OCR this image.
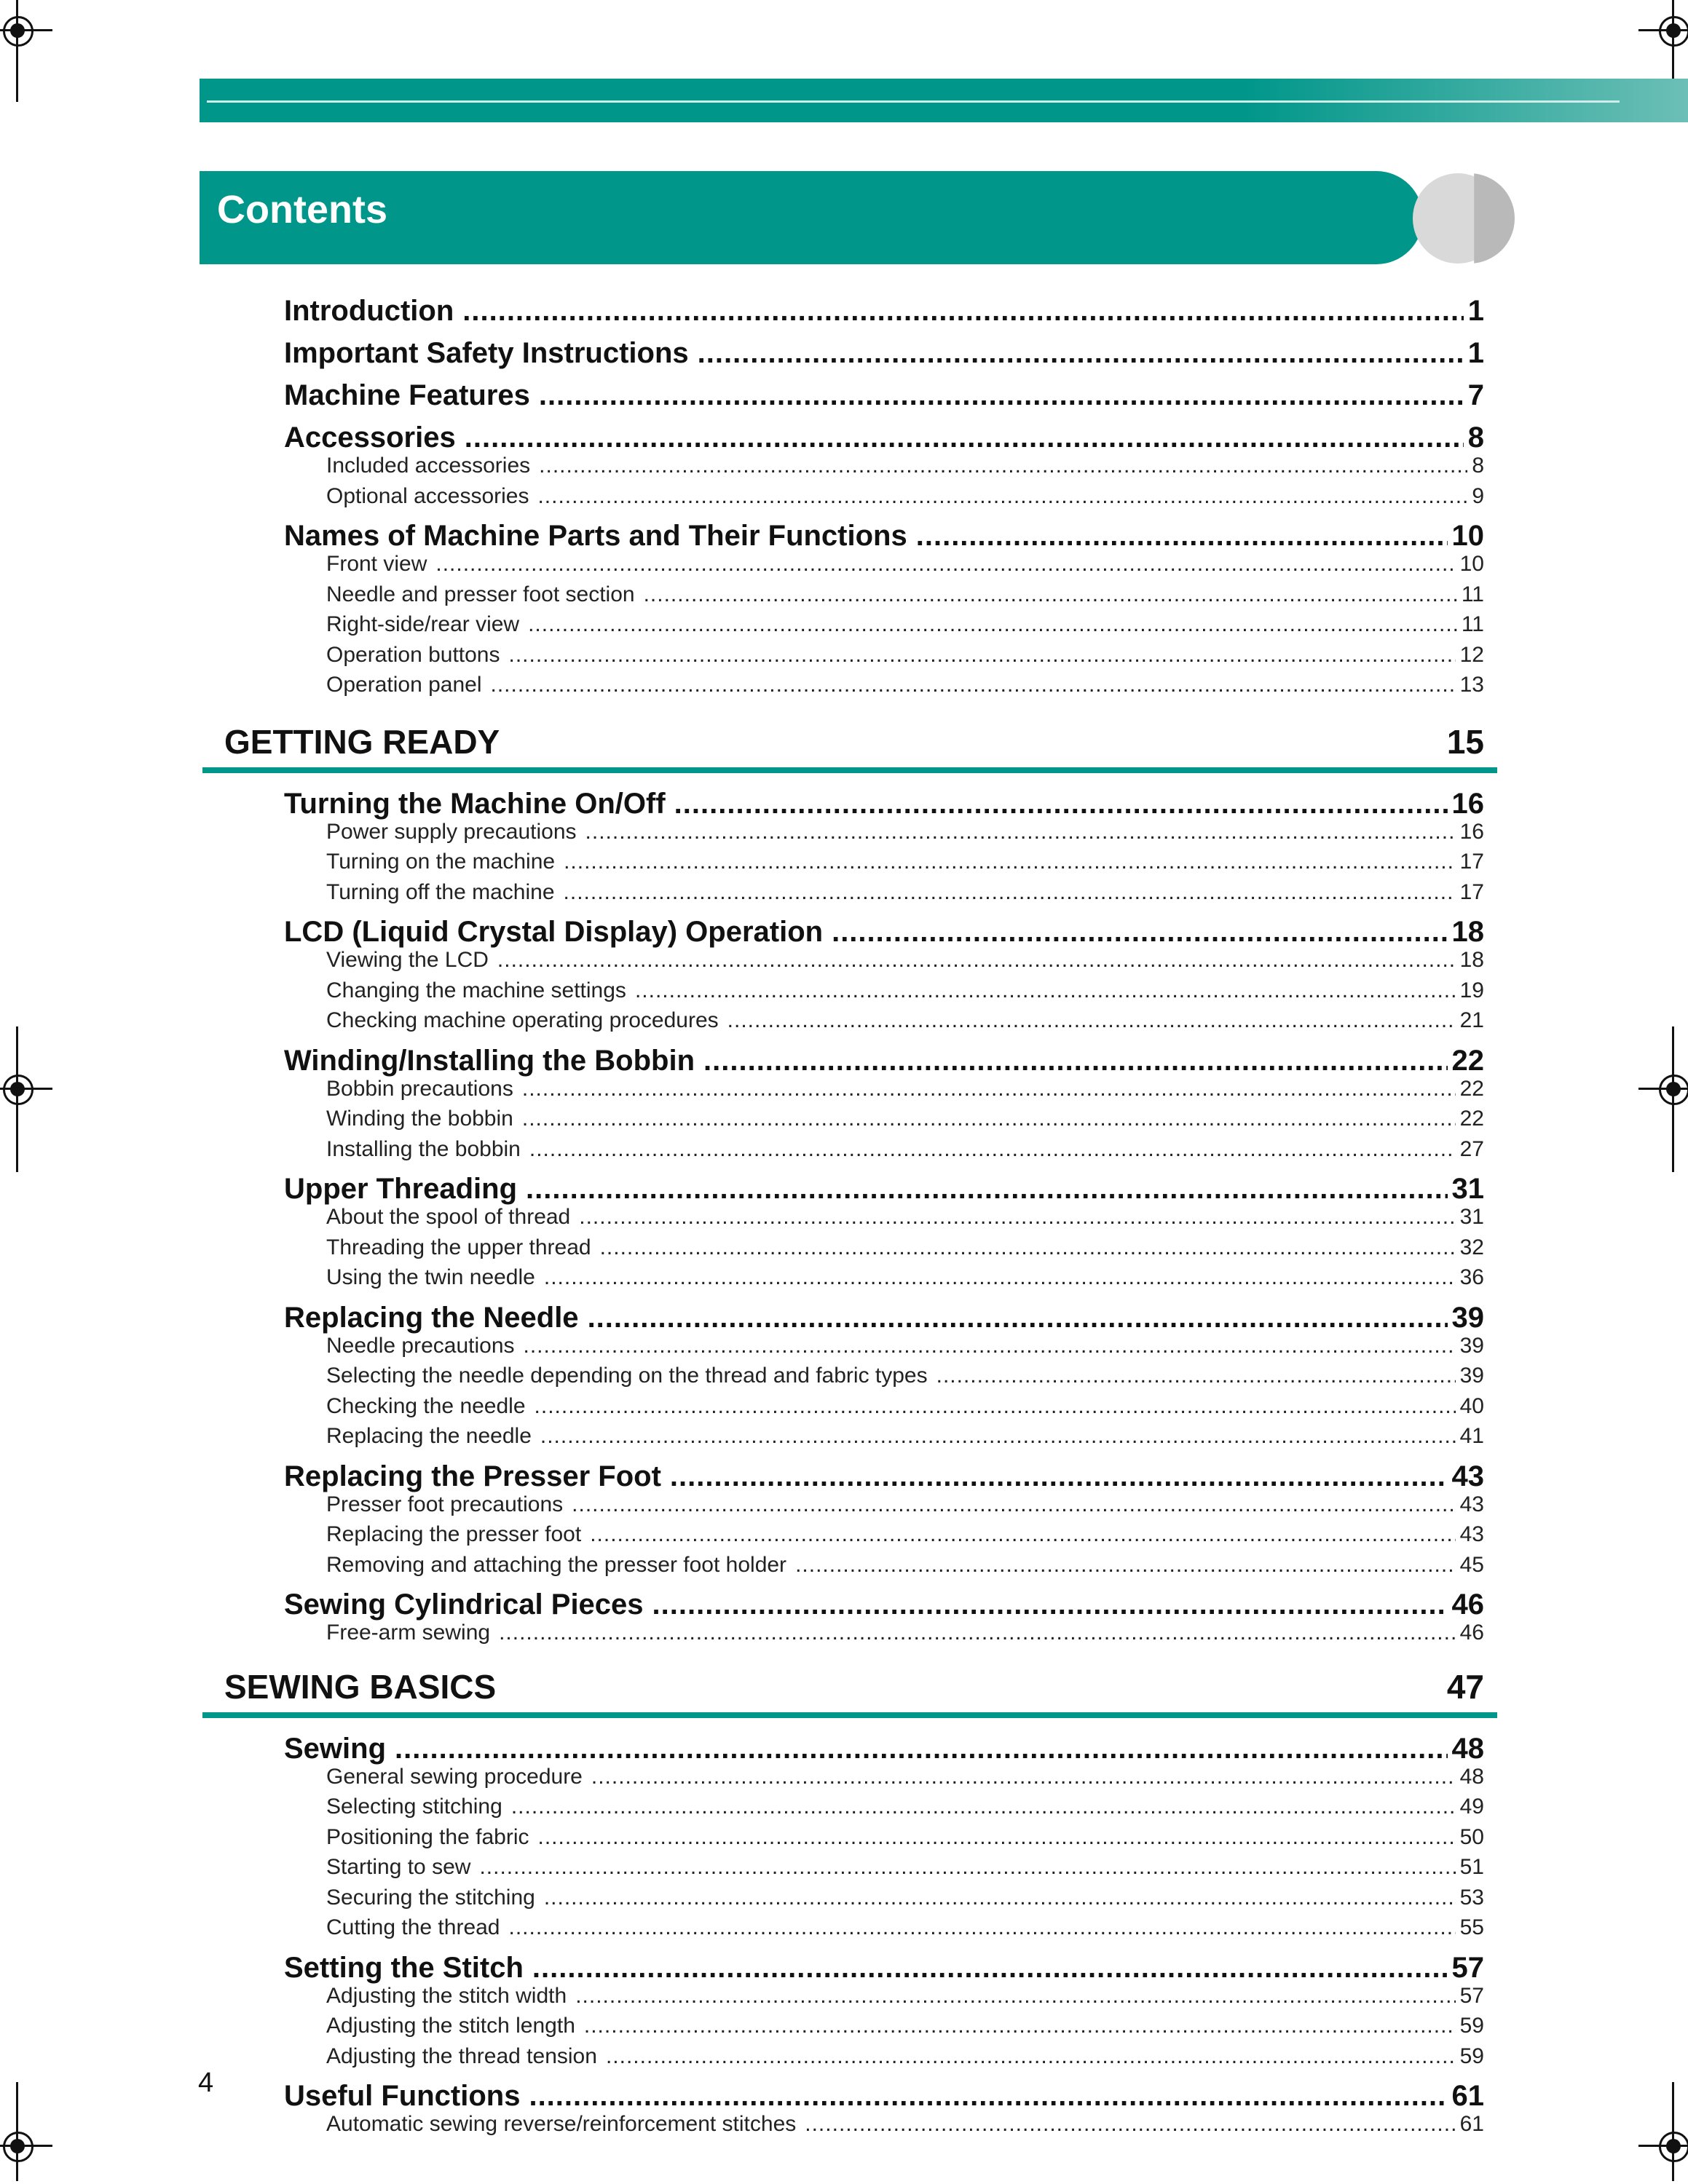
Contents
Introduction .....	1
Important Safety Instructions .....	1
Machine Features .....	7
Accessories .....	8
Included accessories .....	8
Optional accessories .....	9
Names of Machine Parts and Their Functions .....	10
Front view .....	10
Needle and presser foot section .....	11
Right-side/rear view .....	11
Operation buttons .....	12
Operation panel .....	13
GETTING READY	15
Turning the Machine On/Off .....	16
Power supply precautions .....	16
Turning on the machine .....	17
Turning off the machine .....	17
LCD (Liquid Crystal Display) Operation .....	18
Viewing the LCD .....	18
Changing the machine settings .....	19
Checking machine operating procedures .....	21
Winding/Installing the Bobbin .....	22
Bobbin precautions .....	22
Winding the bobbin .....	22
Installing the bobbin .....	27
Upper Threading .....	31
About the spool of thread .....	31
Threading the upper thread .....	32
Using the twin needle .....	36
Replacing the Needle .....	39
Needle precautions .....	39
Selecting the needle depending on the thread and fabric types .....	39
Checking the needle .....	40
Replacing the needle .....	41
Replacing the Presser Foot .....	43
Presser foot precautions .....	43
Replacing the presser foot .....	43
Removing and attaching the presser foot holder .....	45
Sewing Cylindrical Pieces .....	46
Free-arm sewing .....	46
SEWING BASICS	47
Sewing .....	48
General sewing procedure .....	48
Selecting stitching .....	49
Positioning the fabric .....	50
Starting to sew .....	51
Securing the stitching .....	53
Cutting the thread .....	55
Setting the Stitch .....	57
Adjusting the stitch width .....	57
Adjusting the stitch length .....	59
Adjusting the thread tension .....	59
Useful Functions .....	61
Automatic sewing reverse/reinforcement stitches .....	61
4
